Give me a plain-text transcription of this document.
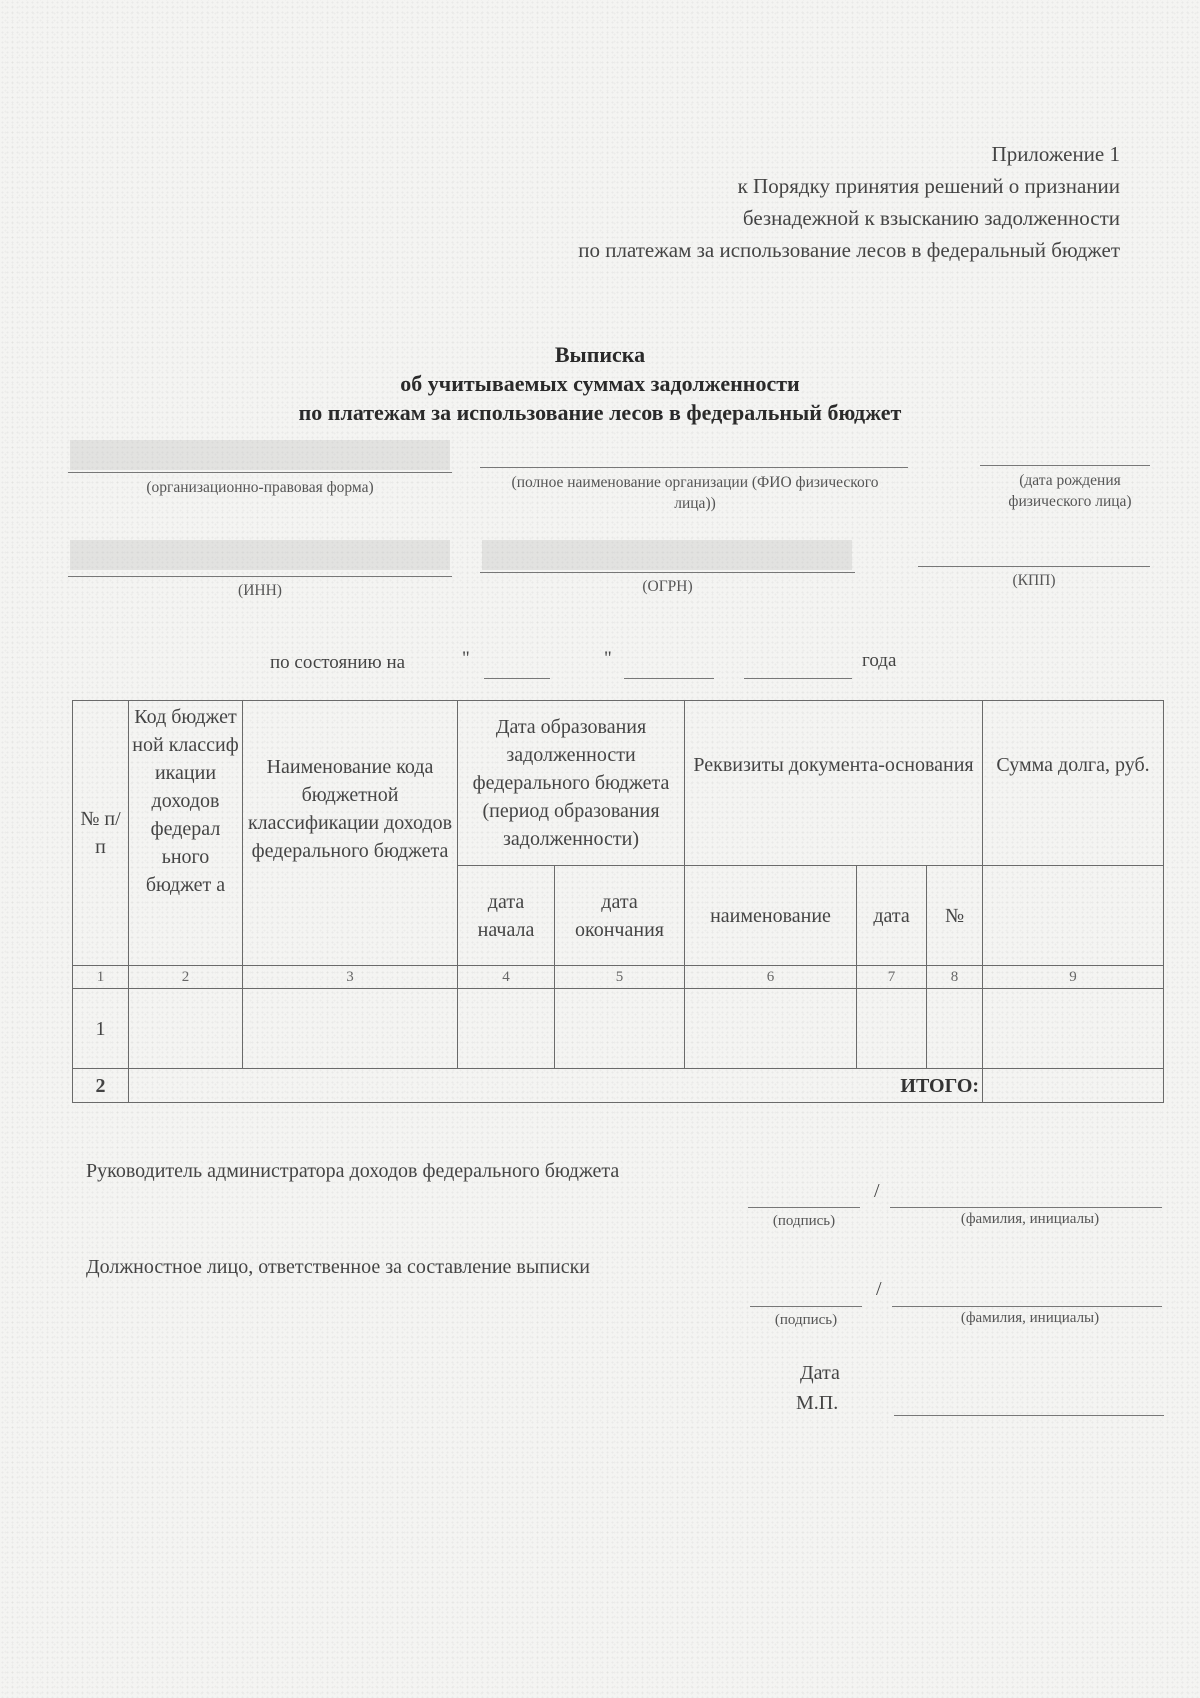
Приложение 1
к Порядку принятия решений о признании
безнадежной к взысканию задолженности
по платежам за использование лесов в федеральный бюджет
Выписка
об учитываемых суммах задолженности
по платежам за использование лесов в федеральный бюджет
(организационно-правовая форма)	(полное наименование организации (ФИО физического лица))
(дата рождения физического лица)
(ИНН)	(ОГРН)	(КПП)
по состоянию на	"	"	года
№ п/п	Код бюджет ной классиф икации доходов федерал ьного бюджет а	Наименование кода бюджетной классификации доходов федерального бюджета	Дата образования задолженности федерального бюджета (период образования задолженности)		Реквизиты документа-основания			Сумма долга, руб.
			дата начала	дата окончания	наименование	дата	№	
1	2	3	4	5	6	7	8	9
1								
2	ИТОГО:							
Руководитель администратора доходов федерального бюджета
/
(подпись)	(фамилия, инициалы)
Должностное лицо, ответственное за составление выписки
/
(подпись)	(фамилия, инициалы)
Дата
М.П.
